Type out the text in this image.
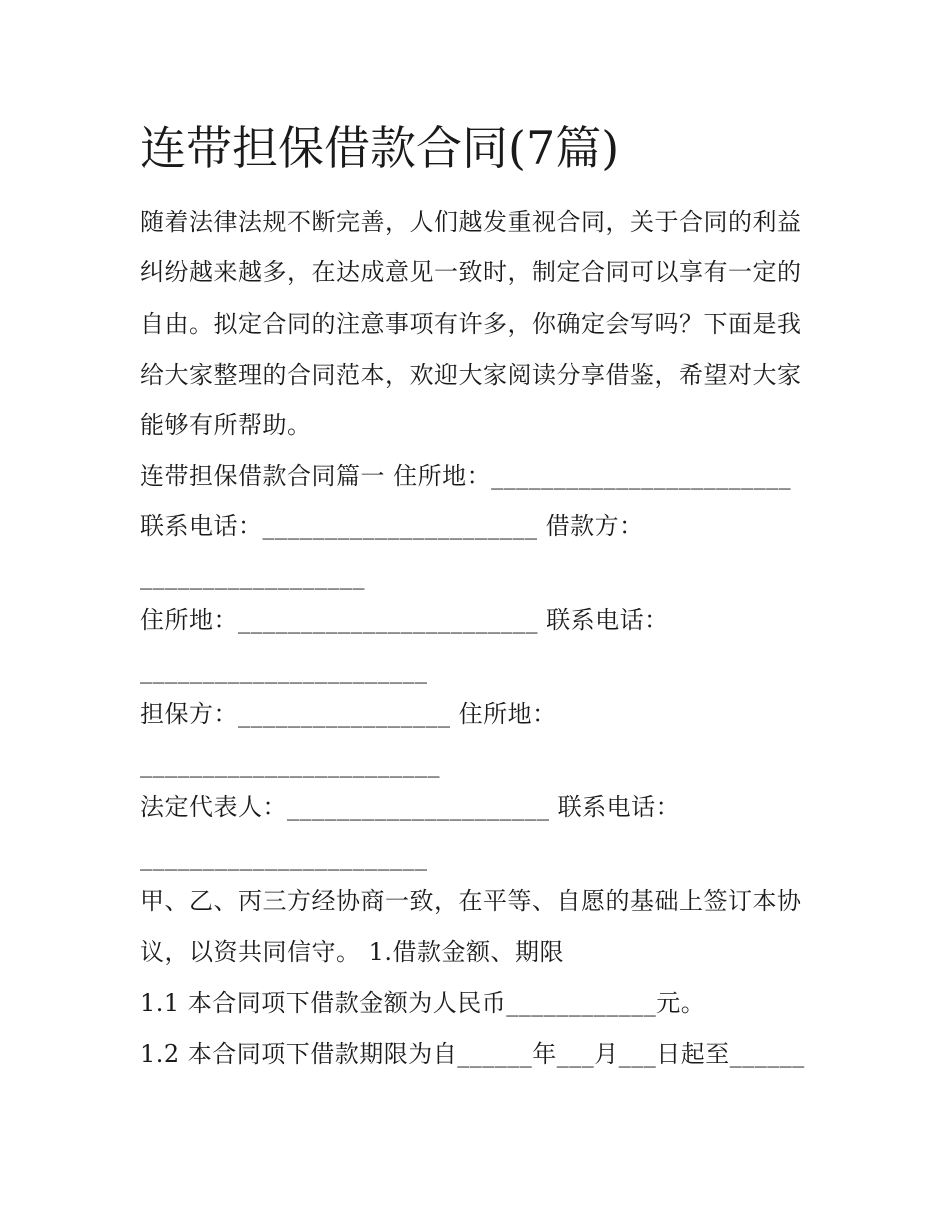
连带担保借款合同(7篇)
随着法律法规不断完善，人们越发重视合同，关于合同的利益
纠纷越来越多，在达成意见一致时，制定合同可以享有一定的
自由。拟定合同的注意事项有许多，你确定会写吗？下面是我
给大家整理的合同范本，欢迎大家阅读分享借鉴，希望对大家
能够有所帮助。
连带担保借款合同篇一 住所地：________________________
联系电话：______________________ 借款方：
__________________
住所地：________________________ 联系电话：
_______________________
担保方：_________________ 住所地：
________________________
法定代表人：_____________________ 联系电话：
_______________________
甲、乙、丙三方经协商一致，在平等、自愿的基础上签订本协
议，以资共同信守。 1.借款金额、期限
1.1 本合同项下借款金额为人民币____________元。
1.2 本合同项下借款期限为自______年___月___日起至______
